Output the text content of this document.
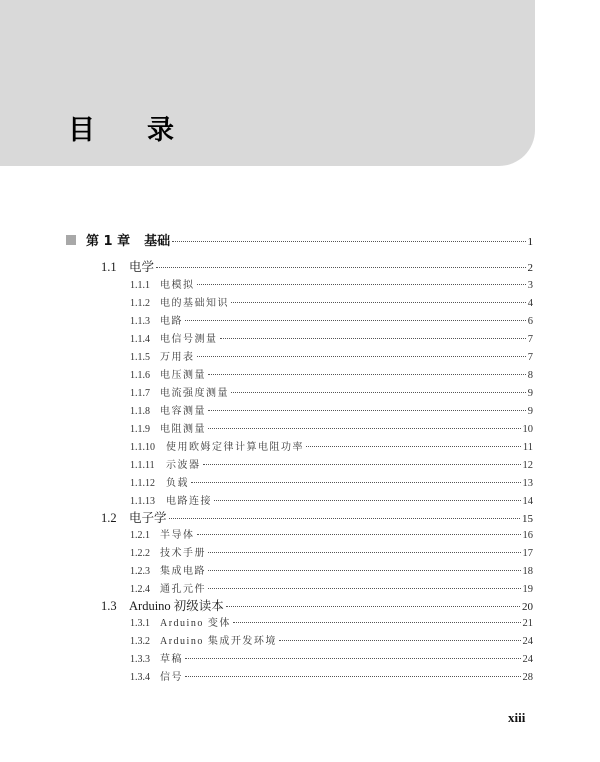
目 录
第 1 章 基础	1
1.1 电学	2
1.1.1	电模拟	3
1.1.2	电的基础知识	4
1.1.3	电路	6
1.1.4	电信号测量	7
1.1.5	万用表	7
1.1.6	电压测量	8
1.1.7	电流强度测量	9
1.1.8	电容测量	9
1.1.9	电阻测量	10
1.1.10	使用欧姆定律计算电阻功率	11
1.1.11	示波器	12
1.1.12	负载	13
1.1.13	电路连接	14
1.2 电子学	15
1.2.1	半导体	16
1.2.2	技术手册	17
1.2.3	集成电路	18
1.2.4	通孔元件	19
1.3 Arduino 初级读本	20
1.3.1	Arduino 变体	21
1.3.2	Arduino 集成开发环境	24
1.3.3	草稿	24
1.3.4	信号	28
xiii
